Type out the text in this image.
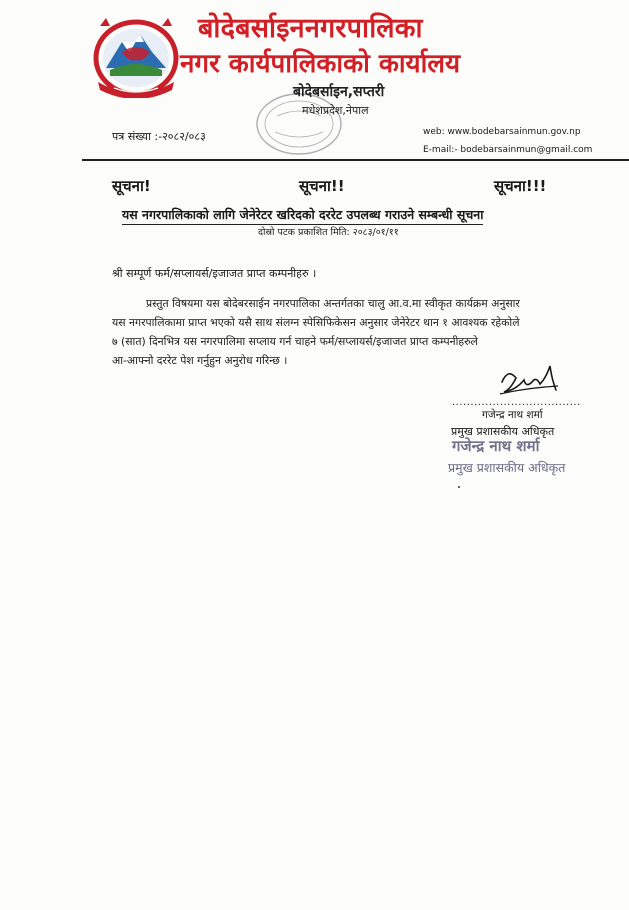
बोदेबर्साइननगरपालिका
नगर कार्यपालिकाको कार्यालय
बोदेबर्साइन,सप्तरी
मधेशप्रदेश,नेपाल
पत्र संख्या :-२०८२/०८३	web: www.bodebarsainmun.gov.np
E-mail:- bodebarsainmun@gmail.com
सूचना!	सूचना!!	सूचना!!!
यस नगरपालिकाको लागि जेनेरेटर खरिदको दररेट उपलब्ध गराउने सम्बन्धी सूचना
दोस्रो पटक प्रकाशित मिति: २०८३/०१/११
श्री सम्पूर्ण फर्म/सप्लायर्स/इजाजत प्राप्त कम्पनीहरु ।
प्रस्तुत विषयमा यस बोदेबरसाईन नगरपालिका अन्तर्गतका चालु आ.व.मा स्वीकृत कार्यक्रम अनुसार
यस नगरपालिकामा प्राप्त भएको यसै साथ संलग्न स्पेसिफिकेसन अनुसार जेनेरेटर थान १ आवश्यक रहेकोले
७ (सात) दिनभित्र यस नगरपालिमा सप्लाय गर्न चाहने फर्म/सप्लायर्स/इजाजत प्राप्त कम्पनीहरुले
आ-आफ्नो दररेट पेश गर्नुहुन अनुरोध गरिन्छ ।
...................................
गजेन्द्र नाथ शर्मा
प्रमुख प्रशासकीय अधिकृत
गजेन्द्र नाथ शर्मा
प्रमुख प्रशासकीय अधिकृत
